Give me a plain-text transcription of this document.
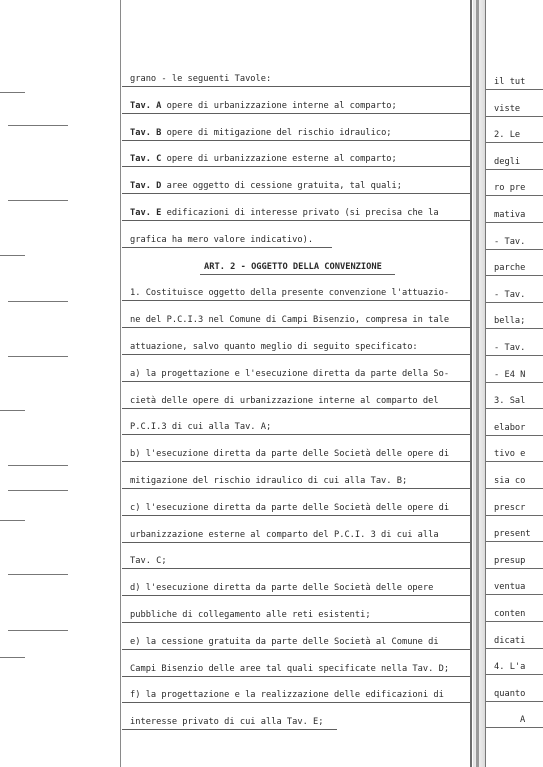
grano - le seguenti Tavole:
Tav. A opere di urbanizzazione interne al comparto;
Tav. B opere di mitigazione del rischio idraulico;
Tav. C opere di urbanizzazione esterne al comparto;
Tav. D aree oggetto di cessione gratuita, tal quali;
Tav. E edificazioni di interesse privato (si precisa che la
grafica ha mero valore indicativo).
ART. 2 - OGGETTO DELLA CONVENZIONE
1. Costituisce oggetto della presente convenzione l'attuazio-
ne del P.C.I.3 nel Comune di Campi Bisenzio, compresa in tale
attuazione, salvo quanto meglio di seguito specificato:
a) la progettazione e l'esecuzione diretta da parte della So-
cietà delle opere di urbanizzazione interne al comparto del
P.C.I.3 di cui alla Tav. A;
b) l'esecuzione diretta da parte delle Società delle opere di
mitigazione del rischio idraulico di cui alla Tav. B;
c) l'esecuzione diretta da parte delle Società delle opere di
urbanizzazione esterne al comparto del P.C.I. 3 di cui alla
Tav. C;
d) l'esecuzione diretta da parte delle Società delle opere
pubbliche di collegamento alle reti esistenti;
e) la cessione gratuita da parte delle Società al Comune di
Campi Bisenzio delle aree tal quali specificate nella Tav. D;
f) la progettazione e la realizzazione delle edificazioni di
interesse privato di cui alla Tav. E;
il tut
viste
2. Le
degli
ro pre
mativa
- Tav.
parche
- Tav.
bella;
- Tav.
- E4 N
3. Sal
elabor
tivo e
sia co
prescr
present
presup
ventua
conten
dicati
4. L'a
quanto
A
